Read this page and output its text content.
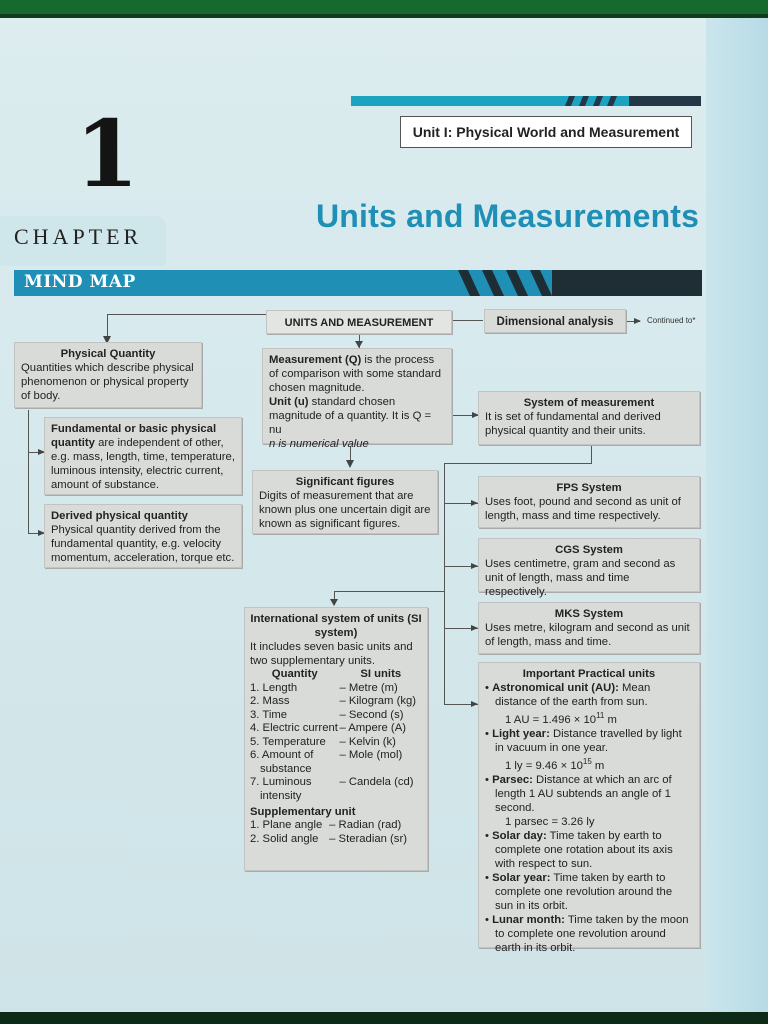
1
CHAPTER
Unit I: Physical World and Measurement
Units and Measurements
MIND MAP
UNITS AND MEASUREMENT	Dimensional analysis	Continued to*
Physical Quantity
Quantities which describe physical phenomenon or physical property of body.
Fundamental or basic physical quantity are independent of other, e.g. mass, length, time, temperature, luminous intensity, electric current, amount of substance.
Derived physical quantity
Physical quantity derived from the fundamental quantity, e.g. velocity momentum, acceleration, torque etc.
Measurement (Q) is the process of comparison with some standard chosen magnitude.
Unit (u) standard chosen magnitude of a quantity. It is Q = nu
n is numerical value
Significant figures
Digits of measurement that are known plus one uncertain digit are known as significant figures.
System of measurement
It is set of fundamental and derived physical quantity and their units.
FPS System
Uses foot, pound and second as unit of length, mass and time respectively.
CGS System
Uses centimetre, gram and second as unit of length, mass and time respectively.
MKS System
Uses metre, kilogram and second as unit of length, mass and time.
International system of units (SI system)
It includes seven basic units and two supplementary units.
Quantity	SI units
1. Length	– Metre (m)
2. Mass	– Kilogram (kg)
3. Time	– Second (s)
4. Electric current	– Ampere (A)
5. Temperature	– Kelvin (k)
6. Amount of substance	– Mole (mol)
7. Luminous intensity	– Candela (cd)
Supplementary unit
1. Plane angle	– Radian (rad)
2. Solid angle	– Steradian (sr)
Important Practical units
• Astronomical unit (AU): Mean distance of the earth from sun.
1 AU = $1.496 \times 10^{11}$ m
• Light year: Distance travelled by light in vacuum in one year.
1 ly = $9.46 \times 10^{15}$ m
• Parsec: Distance at which an arc of length 1 AU subtends an angle of 1 second.
1 parsec = 3.26 ly
• Solar day: Time taken by earth to complete one rotation about its axis with respect to sun.
• Solar year: Time taken by earth to complete one revolution around the sun in its orbit.
• Lunar month: Time taken by the moon to complete one revolution around earth in its orbit.
